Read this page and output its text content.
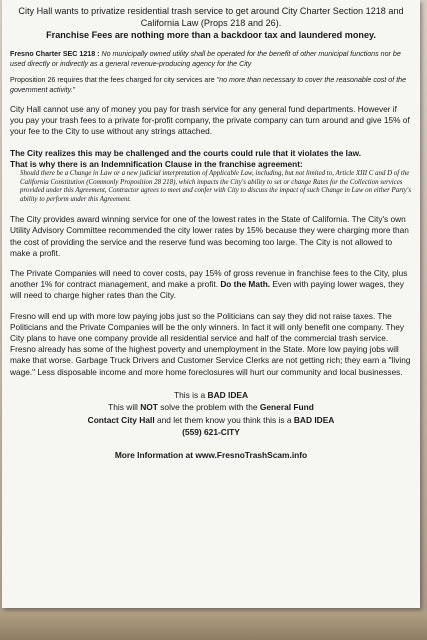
City Hall wants to privatize residential trash service to get around City Charter Section 1218 and California Law (Props 218 and 26).

Franchise Fees are nothing more than a backdoor tax and laundered money.

Fresno Charter SEC 1218 : No municipally owned utility shall be operated for the benefit of other municipal functions nor be used directly or indirectly as a general revenue-producing agency for the City

Proposition 26 requires that the fees charged for city services are "no more than necessary to cover the reasonable cost of the government activity."

City Hall cannot use any of money you pay for trash service for any general fund departments. However if you pay your trash fees to a private for-profit company, the private company can turn around and give 15% of your fee to the City to use without any strings attached.

The City realizes this may be challenged and the courts could rule that it violates the law.

That is why there is an Indemnification Clause in the franchise agreement:

Should there be a Change in Law or a new judicial interpretation of Applicable Law, including, but not limited to, Article XIII C and D of the California Constitution (Commonly Proposition 28 218), which impacts the City's ability to set or change Rates for the Collection services provided under this Agreement, Contractor agrees to meet and confer with City to discuss the impact of such Change in Law on either Party's ability to perform under this Agreement.

The City provides award winning service for one of the lowest rates in the State of California. The City's own Utility Advisory Committee recommended the city lower rates by 15% because they were charging more than the cost of providing the service and the reserve fund was becoming too large. The City is not allowed to make a profit.

The Private Companies will need to cover costs, pay 15% of gross revenue in franchise fees to the City, plus another 1% for contract management, and make a profit. Do the Math. Even with paying lower wages, they will need to charge higher rates than the City.

Fresno will end up with more low paying jobs just so the Politicians can say they did not raise taxes. The Politicians and the Private Companies will be the only winners. In fact it will only benefit one company. They City plans to have one company provide all residential service and half of the commercial trash service. Fresno already has some of the highest poverty and unemployment in the State. More low paying jobs will make that worse. Garbage Truck Drivers and Customer Service Clerks are not getting rich; they earn a "living wage." Less disposable income and more home foreclosures will hurt our community and local businesses.

This is a BAD IDEA

This will NOT solve the problem with the General Fund

Contact City Hall and let them know you think this is a BAD IDEA

(559) 621-CITY

More Information at www.FresnoTrashScam.info
